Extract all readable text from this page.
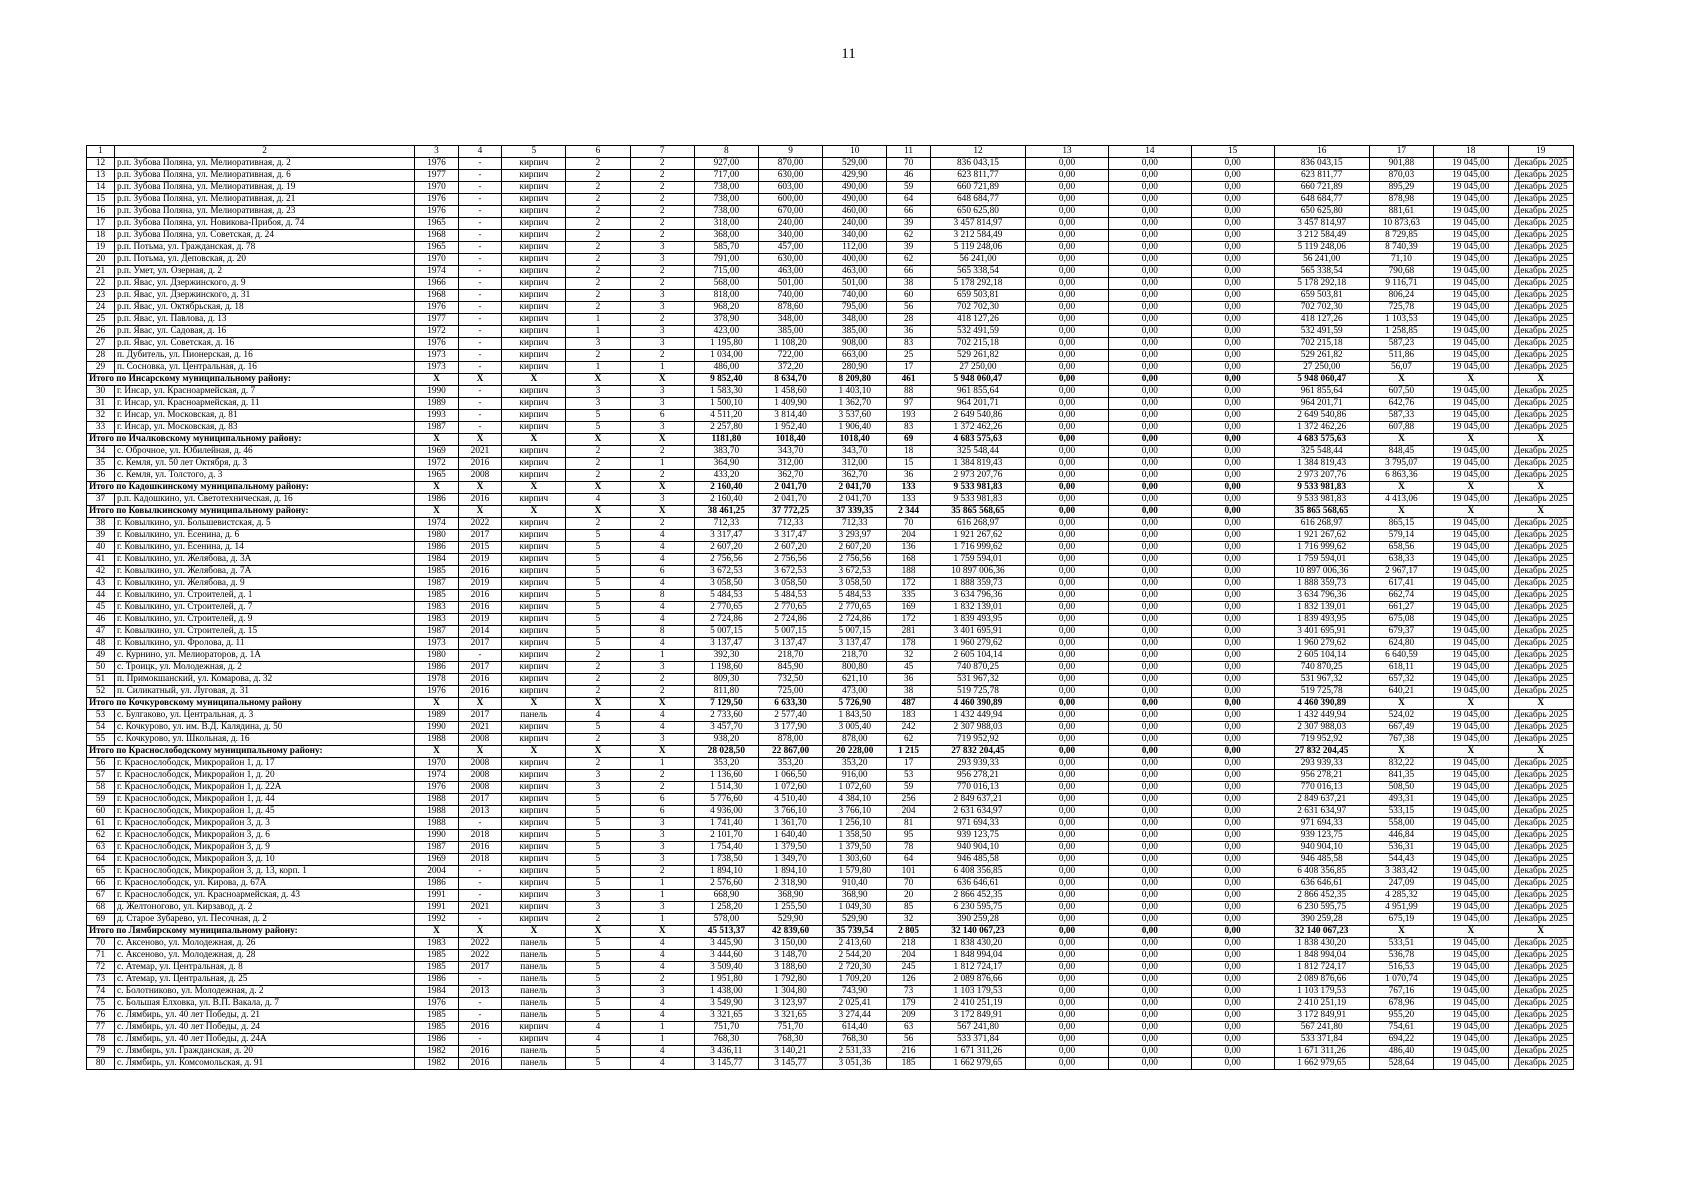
11
1	2	3	4	5	6	7	8	9	10	11	12	13	14	15	16	17	18	19
12	р.п. Зубова Поляна, ул. Мелиоративная, д. 2	1976	-	кирпич	2	2	927,00	870,00	529,00	70	836 043,15	0,00	0,00	0,00	836 043,15	901,88	19 045,00	Декабрь 2025
13	р.п. Зубова Поляна, ул. Мелиоративная, д. 6	1977	-	кирпич	2	2	717,00	630,00	429,90	46	623 811,77	0,00	0,00	0,00	623 811,77	870,03	19 045,00	Декабрь 2025
14	р.п. Зубова Поляна, ул. Мелиоративная, д. 19	1970	-	кирпич	2	2	738,00	603,00	490,00	59	660 721,89	0,00	0,00	0,00	660 721,89	895,29	19 045,00	Декабрь 2025
15	р.п. Зубова Поляна, ул. Мелиоративная, д. 21	1976	-	кирпич	2	2	738,00	600,00	490,00	64	648 684,77	0,00	0,00	0,00	648 684,77	878,98	19 045,00	Декабрь 2025
16	р.п. Зубова Поляна, ул. Мелиоративная, д. 23	1976	-	кирпич	2	2	738,00	670,00	460,00	66	650 625,80	0,00	0,00	0,00	650 625,80	881,61	19 045,00	Декабрь 2025
17	р.п. Зубова Поляна, ул. Новикова-Прибоя, д. 74	1965	-	кирпич	2	2	318,00	240,00	240,00	39	3 457 814,97	0,00	0,00	0,00	3 457 814,97	10 873,63	19 045,00	Декабрь 2025
18	р.п. Зубова Поляна, ул. Советская, д. 24	1968	-	кирпич	2	2	368,00	340,00	340,00	62	3 212 584,49	0,00	0,00	0,00	3 212 584,49	8 729,85	19 045,00	Декабрь 2025
19	р.п. Потьма, ул. Гражданская, д. 78	1965	-	кирпич	2	3	585,70	457,00	112,00	39	5 119 248,06	0,00	0,00	0,00	5 119 248,06	8 740,39	19 045,00	Декабрь 2025
20	р.п. Потьма, ул. Деповская, д. 20	1970	-	кирпич	2	3	791,00	630,00	400,00	62	56 241,00	0,00	0,00	0,00	56 241,00	71,10	19 045,00	Декабрь 2025
21	р.п. Умет, ул. Озерная, д. 2	1974	-	кирпич	2	2	715,00	463,00	463,00	66	565 338,54	0,00	0,00	0,00	565 338,54	790,68	19 045,00	Декабрь 2025
22	р.п. Явас, ул. Дзержинского, д. 9	1966	-	кирпич	2	2	568,00	501,00	501,00	38	5 178 292,18	0,00	0,00	0,00	5 178 292,18	9 116,71	19 045,00	Декабрь 2025
23	р.п. Явас, ул. Дзержинского, д. 31	1968	-	кирпич	2	3	818,00	740,00	740,00	60	659 503,81	0,00	0,00	0,00	659 503,81	806,24	19 045,00	Декабрь 2025
24	р.п. Явас, ул. Октябрьская, д. 18	1976	-	кирпич	2	3	968,20	878,60	795,00	56	702 702,30	0,00	0,00	0,00	702 702,30	725,78	19 045,00	Декабрь 2025
25	р.п. Явас, ул. Павлова, д. 13	1977	-	кирпич	1	2	378,90	348,00	348,00	28	418 127,26	0,00	0,00	0,00	418 127,26	1 103,53	19 045,00	Декабрь 2025
26	р.п. Явас, ул. Садовая, д. 16	1972	-	кирпич	1	3	423,00	385,00	385,00	36	532 491,59	0,00	0,00	0,00	532 491,59	1 258,85	19 045,00	Декабрь 2025
27	р.п. Явас, ул. Советская, д. 16	1976	-	кирпич	3	3	1 195,80	1 108,20	908,00	83	702 215,18	0,00	0,00	0,00	702 215,18	587,23	19 045,00	Декабрь 2025
28	п. Дубитель, ул. Пионерская, д. 16	1973	-	кирпич	2	2	1 034,00	722,00	663,00	25	529 261,82	0,00	0,00	0,00	529 261,82	511,86	19 045,00	Декабрь 2025
29	п. Сосновка, ул. Центральная, д. 16	1973	-	кирпич	1	1	486,00	372,20	280,90	17	27 250,00	0,00	0,00	0,00	27 250,00	56,07	19 045,00	Декабрь 2025
Итого по Инсарскому муниципальному району:		X	X	X	X	X	9 852,40	8 634,70	8 209,80	461	5 948 060,47	0,00	0,00	0,00	5 948 060,47	X	X	X
30	г. Инсар, ул. Красноармейская, д. 7	1990	-	кирпич	3	3	1 583,30	1 458,60	1 403,10	88	961 855,64	0,00	0,00	0,00	961 855,64	607,50	19 045,00	Декабрь 2025
31	г. Инсар, ул. Красноармейская, д. 11	1989	-	кирпич	3	3	1 500,10	1 409,90	1 362,70	97	964 201,71	0,00	0,00	0,00	964 201,71	642,76	19 045,00	Декабрь 2025
32	г. Инсар, ул. Московская, д. 81	1993	-	кирпич	5	6	4 511,20	3 814,40	3 537,60	193	2 649 540,86	0,00	0,00	0,00	2 649 540,86	587,33	19 045,00	Декабрь 2025
33	г. Инсар, ул. Московская, д. 83	1987	-	кирпич	5	3	2 257,80	1 952,40	1 906,40	83	1 372 462,26	0,00	0,00	0,00	1 372 462,26	607,88	19 045,00	Декабрь 2025
Итого по Ичалковскому муниципальному району:		X	X	X	X	X	1181,80	1018,40	1018,40	69	4 683 575,63	0,00	0,00	0,00	4 683 575,63	X	X	X
34	с. Оброчное, ул. Юбилейная, д. 46	1969	2021	кирпич	2	2	383,70	343,70	343,70	18	325 548,44	0,00	0,00	0,00	325 548,44	848,45	19 045,00	Декабрь 2025
35	с. Кемля, ул. 50 лет Октября, д. 3	1972	2016	кирпич	2	1	364,90	312,00	312,00	15	1 384 819,43	0,00	0,00	0,00	1 384 819,43	3 795,07	19 045,00	Декабрь 2025
36	с. Кемля, ул. Толстого, д. 3	1965	2008	кирпич	2	2	433,20	362,70	362,70	36	2 973 207,76	0,00	0,00	0,00	2 973 207,76	6 863,36	19 045,00	Декабрь 2025
Итого по Кадошкинскому муниципальному району:		X	X	X	X	X	2 160,40	2 041,70	2 041,70	133	9 533 981,83	0,00	0,00	0,00	9 533 981,83	X	X	X
37	р.п. Кадошкино, ул. Светотехническая, д. 16	1986	2016	кирпич	4	3	2 160,40	2 041,70	2 041,70	133	9 533 981,83	0,00	0,00	0,00	9 533 981,83	4 413,06	19 045,00	Декабрь 2025
Итого по Ковылкинскому муниципальному району:		X	X	X	X	X	38 461,25	37 772,25	37 339,35	2 344	35 865 568,65	0,00	0,00	0,00	35 865 568,65	X	X	X
38	г. Ковылкино, ул. Большевистская, д. 5	1974	2022	кирпич	2	2	712,33	712,33	712,33	70	616 268,97	0,00	0,00	0,00	616 268,97	865,15	19 045,00	Декабрь 2025
39	г. Ковылкино, ул. Есенина, д. 6	1980	2017	кирпич	5	4	3 317,47	3 317,47	3 293,97	204	1 921 267,62	0,00	0,00	0,00	1 921 267,62	579,14	19 045,00	Декабрь 2025
40	г. Ковылкино, ул. Есенина, д. 14	1986	2015	кирпич	5	4	2 607,20	2 607,20	2 607,20	136	1 716 999,62	0,00	0,00	0,00	1 716 999,62	658,56	19 045,00	Декабрь 2025
41	г. Ковылкино, ул. Желябова, д. 3А	1984	2019	кирпич	5	4	2 756,56	2 756,56	2 756,56	168	1 759 594,01	0,00	0,00	0,00	1 759 594,01	638,33	19 045,00	Декабрь 2025
42	г. Ковылкино, ул. Желябова, д. 7А	1985	2016	кирпич	5	6	3 672,53	3 672,53	3 672,53	188	10 897 006,36	0,00	0,00	0,00	10 897 006,36	2 967,17	19 045,00	Декабрь 2025
43	г. Ковылкино, ул. Желябова, д. 9	1987	2019	кирпич	5	4	3 058,50	3 058,50	3 058,50	172	1 888 359,73	0,00	0,00	0,00	1 888 359,73	617,41	19 045,00	Декабрь 2025
44	г. Ковылкино, ул. Строителей, д. 1	1985	2016	кирпич	5	8	5 484,53	5 484,53	5 484,53	335	3 634 796,36	0,00	0,00	0,00	3 634 796,36	662,74	19 045,00	Декабрь 2025
45	г. Ковылкино, ул. Строителей, д. 7	1983	2016	кирпич	5	4	2 770,65	2 770,65	2 770,65	169	1 832 139,01	0,00	0,00	0,00	1 832 139,01	661,27	19 045,00	Декабрь 2025
46	г. Ковылкино, ул. Строителей, д. 9	1983	2019	кирпич	5	4	2 724,86	2 724,86	2 724,86	172	1 839 493,95	0,00	0,00	0,00	1 839 493,95	675,08	19 045,00	Декабрь 2025
47	г. Ковылкино, ул. Строителей, д. 15	1987	2014	кирпич	5	8	5 007,15	5 007,15	5 007,15	281	3 401 695,91	0,00	0,00	0,00	3 401 695,91	679,37	19 045,00	Декабрь 2025
48	г. Ковылкино, ул. Фролова, д. 11	1973	2017	кирпич	5	4	3 137,47	3 137,47	3 137,47	178	1 960 279,62	0,00	0,00	0,00	1 960 279,62	624,80	19 045,00	Декабрь 2025
49	с. Курнино, ул. Мелиораторов, д. 1А	1980	-	кирпич	2	1	392,30	218,70	218,70	32	2 605 104,14	0,00	0,00	0,00	2 605 104,14	6 640,59	19 045,00	Декабрь 2025
50	с. Троицк, ул. Молодежная, д. 2	1986	2017	кирпич	2	3	1 198,60	845,90	800,80	45	740 870,25	0,00	0,00	0,00	740 870,25	618,11	19 045,00	Декабрь 2025
51	п. Примокшанский, ул. Комарова, д. 32	1978	2016	кирпич	2	2	809,30	732,50	621,10	36	531 967,32	0,00	0,00	0,00	531 967,32	657,32	19 045,00	Декабрь 2025
52	п. Силикатный, ул. Луговая, д. 31	1976	2016	кирпич	2	2	811,80	725,00	473,00	38	519 725,78	0,00	0,00	0,00	519 725,78	640,21	19 045,00	Декабрь 2025
Итого по Кочкуровскому муниципальному району		X	X	X	X	X	7 129,50	6 633,30	5 726,90	487	4 460 390,89	0,00	0,00	0,00	4 460 390,89	X	X	X
53	с. Булгаково, ул. Центральная, д. 3	1989	2017	панель	4	4	2 733,60	2 577,40	1 843,50	183	1 432 449,94	0,00	0,00	0,00	1 432 449,94	524,02	19 045,00	Декабрь 2025
54	с. Кочкурово, ул. им. В.Д. Калядина, д. 50	1990	2021	кирпич	5	4	3 457,70	3 177,90	3 005,40	242	2 307 988,03	0,00	0,00	0,00	2 307 988,03	667,49	19 045,00	Декабрь 2025
55	с. Кочкурово, ул. Школьная, д. 16	1988	2008	кирпич	2	3	938,20	878,00	878,00	62	719 952,92	0,00	0,00	0,00	719 952,92	767,38	19 045,00	Декабрь 2025
Итого по Краснослободскому муниципальному району:		X	X	X	X	X	28 028,50	22 867,00	20 228,00	1 215	27 832 204,45	0,00	0,00	0,00	27 832 204,45	X	X	X
56	г. Краснослободск, Микрорайон 1, д. 17	1970	2008	кирпич	2	1	353,20	353,20	353,20	17	293 939,33	0,00	0,00	0,00	293 939,33	832,22	19 045,00	Декабрь 2025
57	г. Краснослободск, Микрорайон 1, д. 20	1974	2008	кирпич	3	2	1 136,60	1 066,50	916,00	53	956 278,21	0,00	0,00	0,00	956 278,21	841,35	19 045,00	Декабрь 2025
58	г. Краснослободск, Микрорайон 1, д. 22А	1976	2008	кирпич	3	2	1 514,30	1 072,60	1 072,60	59	770 016,13	0,00	0,00	0,00	770 016,13	508,50	19 045,00	Декабрь 2025
59	г. Краснослободск, Микрорайон 1, д. 44	1988	2017	кирпич	5	6	5 776,60	4 510,40	4 384,10	256	2 849 637,21	0,00	0,00	0,00	2 849 637,21	493,31	19 045,00	Декабрь 2025
60	г. Краснослободск, Микрорайон 1, д. 45	1988	2013	кирпич	5	6	4 936,00	3 766,10	3 766,10	204	2 631 634,97	0,00	0,00	0,00	2 631 634,97	533,15	19 045,00	Декабрь 2025
61	г. Краснослободск, Микрорайон 3, д. 3	1988	-	кирпич	5	3	1 741,40	1 361,70	1 256,10	81	971 694,33	0,00	0,00	0,00	971 694,33	558,00	19 045,00	Декабрь 2025
62	г. Краснослободск, Микрорайон 3, д. 6	1990	2018	кирпич	5	3	2 101,70	1 640,40	1 358,50	95	939 123,75	0,00	0,00	0,00	939 123,75	446,84	19 045,00	Декабрь 2025
63	г. Краснослободск, Микрорайон 3, д. 9	1987	2016	кирпич	5	3	1 754,40	1 379,50	1 379,50	78	940 904,10	0,00	0,00	0,00	940 904,10	536,31	19 045,00	Декабрь 2025
64	г. Краснослободск, Микрорайон 3, д. 10	1969	2018	кирпич	5	3	1 738,50	1 349,70	1 303,60	64	946 485,58	0,00	0,00	0,00	946 485,58	544,43	19 045,00	Декабрь 2025
65	г. Краснослободск, Микрорайон 3, д. 13, корп. 1	2004	-	кирпич	5	2	1 894,10	1 894,10	1 579,80	101	6 408 356,85	0,00	0,00	0,00	6 408 356,85	3 383,42	19 045,00	Декабрь 2025
66	г. Краснослободск, ул. Кирова, д. 67А	1986	-	кирпич	5	1	2 576,60	2 318,90	910,40	70	636 646,61	0,00	0,00	0,00	636 646,61	247,09	19 045,00	Декабрь 2025
67	г. Краснослободск, ул. Красноармейская, д. 43	1991	-	кирпич	3	1	668,90	368,90	368,90	20	2 866 452,35	0,00	0,00	0,00	2 866 452,35	4 285,32	19 045,00	Декабрь 2025
68	д. Желтоногово, ул. Кирзавод, д. 2	1991	2021	кирпич	3	3	1 258,20	1 255,50	1 049,30	85	6 230 595,75	0,00	0,00	0,00	6 230 595,75	4 951,99	19 045,00	Декабрь 2025
69	д. Старое Зубарево, ул. Песочная, д. 2	1992	-	кирпич	2	1	578,00	529,90	529,90	32	390 259,28	0,00	0,00	0,00	390 259,28	675,19	19 045,00	Декабрь 2025
Итого по Лямбирскому муниципальному району:		X	X	X	X	X	45 513,37	42 839,60	35 739,54	2 805	32 140 067,23	0,00	0,00	0,00	32 140 067,23	X	X	X
70	с. Аксеново, ул. Молодежная, д. 26	1983	2022	панель	5	4	3 445,90	3 150,00	2 413,60	218	1 838 430,20	0,00	0,00	0,00	1 838 430,20	533,51	19 045,00	Декабрь 2025
71	с. Аксеново, ул. Молодежная, д. 28	1985	2022	панель	5	4	3 444,60	3 148,70	2 544,20	204	1 848 994,04	0,00	0,00	0,00	1 848 994,04	536,78	19 045,00	Декабрь 2025
72	с. Атемар, ул. Центральная, д. 8	1985	2017	панель	5	4	3 509,40	3 188,60	2 720,30	245	1 812 724,17	0,00	0,00	0,00	1 812 724,17	516,53	19 045,00	Декабрь 2025
73	с. Атемар, ул. Центральная, д. 25	1986	-	панель	5	2	1 951,80	1 792,80	1 709,20	126	2 089 876,66	0,00	0,00	0,00	2 089 876,66	1 070,74	19 045,00	Декабрь 2025
74	с. Болотниково, ул. Молодежная, д. 2	1984	2013	панель	3	3	1 438,00	1 304,80	743,90	73	1 103 179,53	0,00	0,00	0,00	1 103 179,53	767,16	19 045,00	Декабрь 2025
75	с. Большая Елховка, ул. В.П. Вакала, д. 7	1976	-	панель	5	4	3 549,90	3 123,97	2 025,41	179	2 410 251,19	0,00	0,00	0,00	2 410 251,19	678,96	19 045,00	Декабрь 2025
76	с. Лямбирь, ул. 40 лет Победы, д. 21	1985	-	панель	5	4	3 321,65	3 321,65	3 274,44	209	3 172 849,91	0,00	0,00	0,00	3 172 849,91	955,20	19 045,00	Декабрь 2025
77	с. Лямбирь, ул. 40 лет Победы, д. 24	1985	2016	кирпич	4	1	751,70	751,70	614,40	63	567 241,80	0,00	0,00	0,00	567 241,80	754,61	19 045,00	Декабрь 2025
78	с. Лямбирь, ул. 40 лет Победы, д. 24А	1986	-	кирпич	4	1	768,30	768,30	768,30	56	533 371,84	0,00	0,00	0,00	533 371,84	694,22	19 045,00	Декабрь 2025
79	с. Лямбирь, ул. Гражданская, д. 20	1982	2016	панель	5	4	3 436,11	3 140,21	2 531,33	216	1 671 311,26	0,00	0,00	0,00	1 671 311,26	486,40	19 045,00	Декабрь 2025
80	с. Лямбирь, ул. Комсомольская, д. 91	1982	2016	панель	5	4	3 145,77	3 145,77	3 051,36	185	1 662 979,65	0,00	0,00	0,00	1 662 979,65	528,64	19 045,00	Декабрь 2025
